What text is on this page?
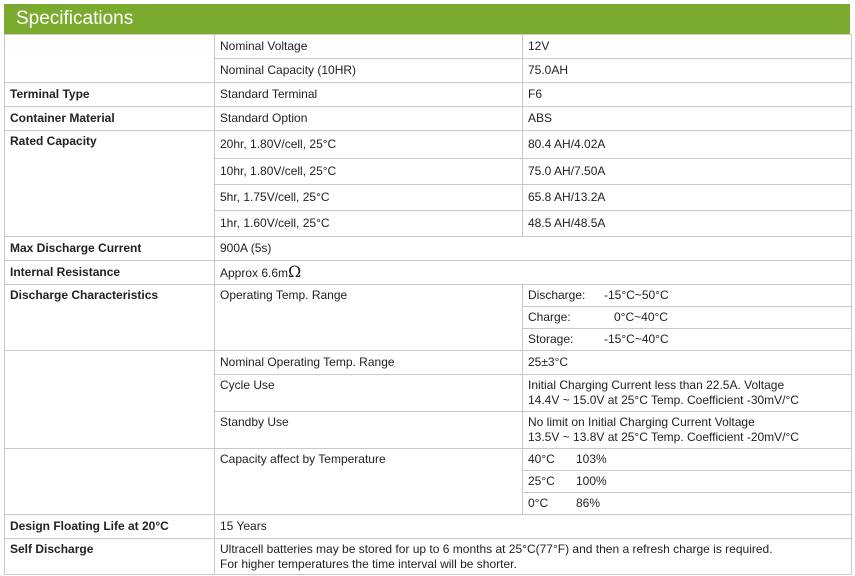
Specifications
	Nominal Voltage	12V
	Nominal Capacity (10HR)	75.0AH
Terminal Type	Standard Terminal	F6
Container Material	Standard Option	ABS
Rated Capacity	20hr, 1.80V/cell, 25°C	80.4 AH/4.02A
	10hr, 1.80V/cell, 25°C	75.0 AH/7.50A
	5hr, 1.75V/cell, 25°C	65.8 AH/13.2A
	1hr, 1.60V/cell, 25°C	48.5 AH/48.5A
Max Discharge Current	900A (5s)	
Internal Resistance	Approx 6.6mΩ	
Discharge Characteristics	Operating Temp. Range	Discharge: -15°C~50°C
		Charge: 0°C~40°C
		Storage: -15°C~40°C
	Nominal Operating Temp. Range	25±3°C
	Cycle Use	Initial Charging Current less than 22.5A. Voltage
14.4V ~ 15.0V at 25°C Temp. Coefficient -30mV/°C

	Standby Use	No limit on Initial Charging Current Voltage
13.5V ~ 13.8V at 25°C Temp. Coefficient -20mV/°C

	Capacity affect by Temperature	40°C 103%
		25°C 100%
		0°C 86%
Design Floating Life at 20°C	15 Years	
Self Discharge	Ultracell batteries may be stored for up to 6 months at 25°C(77°F) and then a refresh charge is required.
For higher temperatures the time interval will be shorter.	
